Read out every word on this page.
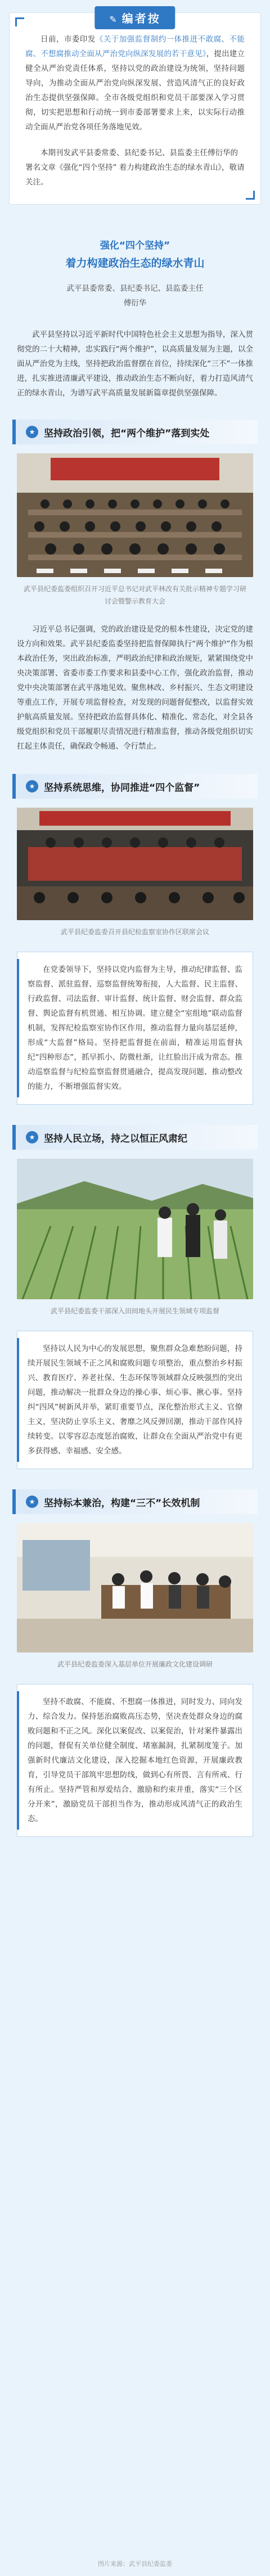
✎ 编者按

日前，市委印发《关于加强监督制约一体推进不敢腐、不能腐、不想腐推动全面从严治党向纵深发展的若干意见》，提出建立健全从严治党责任体系，坚持以党的政治建设为统领，坚持问题导向，为推动全面从严治党向纵深发展、营造风清气正的良好政治生态提供坚强保障。全市各级党组织和党员干部要深入学习贯彻，切实把思想和行动统一到市委部署要求上来，以实际行动推动全面从严治党各项任务落地见效。

本期刊发武平县委常委、县纪委书记、县监委主任傅衍华的署名文章《强化“四个坚持” 着力构建政治生态的绿水青山》，敬请关注。

强化“四个坚持”
着力构建政治生态的绿水青山
武平县委常委、县纪委书记、县监委主任
傅衍华

武平县坚持以习近平新时代中国特色社会主义思想为指导，深入贯彻党的二十大精神，忠实践行“两个维护”，以高质量发展为主题，以全面从严治党为主线，坚持把政治监督摆在首位，持续深化“三不”一体推进，扎实推进清廉武平建设，推动政治生态不断向好，着力打造风清气正的绿水青山，为谱写武平高质量发展新篇章提供坚强保障。

★ 坚持政治引领，把“两个维护”落到实处

武平县纪委监委组织召开习近平总书记对武平林改有关批示精神专题学习研讨会暨警示教育大会

习近平总书记强调，党的政治建设是党的根本性建设，决定党的建设方向和效果。武平县纪委监委坚持把监督保障执行“两个维护”作为根本政治任务，突出政治标准，严明政治纪律和政治规矩，紧紧围绕党中央决策部署、省委市委工作要求和县委中心工作，强化政治监督，推动党中央决策部署在武平落地见效。聚焦林改、乡村振兴、生态文明建设等重点工作，开展专项监督检查，对发现的问题督促整改，以监督实效护航高质量发展。坚持把政治监督具体化、精准化、常态化，对全县各级党组织和党员干部履职尽责情况进行精准监督，推动各级党组织切实扛起主体责任，确保政令畅通、令行禁止。

★ 坚持系统思维，协同推进“四个监督”

武平县纪委监委召开县纪检监察室协作区联席会议

在党委领导下，坚持以党内监督为主导，推动纪律监督、监察监督、派驻监督、巡察监督统筹衔接，人大监督、民主监督、行政监督、司法监督、审计监督、统计监督、财会监督、群众监督、舆论监督有机贯通、相互协调。建立健全“室组地”联动监督机制，发挥纪检监察室协作区作用，推动监督力量向基层延伸，形成“大监督”格局。坚持把监督挺在前面，精准运用监督执纪“四种形态”，抓早抓小、防微杜渐，让红脸出汗成为常态。推动巡察监督与纪检监察监督贯通融合，提高发现问题、推动整改的能力，不断增强监督实效。

★ 坚持人民立场，持之以恒正风肃纪

武平县纪委监委干部深入田间地头开展民生领域专项监督

坚持以人民为中心的发展思想，聚焦群众急难愁盼问题，持续开展民生领域不正之风和腐败问题专项整治，重点整治乡村振兴、教育医疗、养老社保、生态环保等领域群众反映强烈的突出问题，推动解决一批群众身边的操心事、烦心事、揪心事。坚持纠“四风”树新风并举，紧盯重要节点，深化整治形式主义、官僚主义，坚决防止享乐主义、奢靡之风反弹回潮，推动干部作风持续转变。以零容忍态度惩治腐败，让群众在全面从严治党中有更多获得感、幸福感、安全感。

★ 坚持标本兼治，构建“三不”长效机制

武平县纪委监委深入基层单位开展廉政文化建设调研

坚持不敢腐、不能腐、不想腐一体推进，同时发力、同向发力、综合发力。保持惩治腐败高压态势，坚决查处群众身边的腐败问题和不正之风。深化以案促改、以案促治，针对案件暴露出的问题，督促有关单位健全制度、堵塞漏洞，扎紧制度笼子。加强新时代廉洁文化建设，深入挖掘本地红色资源，开展廉政教育，引导党员干部筑牢思想防线，做到心有所畏、言有所戒、行有所止。坚持严管和厚爱结合、激励和约束并重，落实“三个区分开来”，激励党员干部担当作为，推动形成风清气正的政治生态。

图片来源：武平县纪委监委
